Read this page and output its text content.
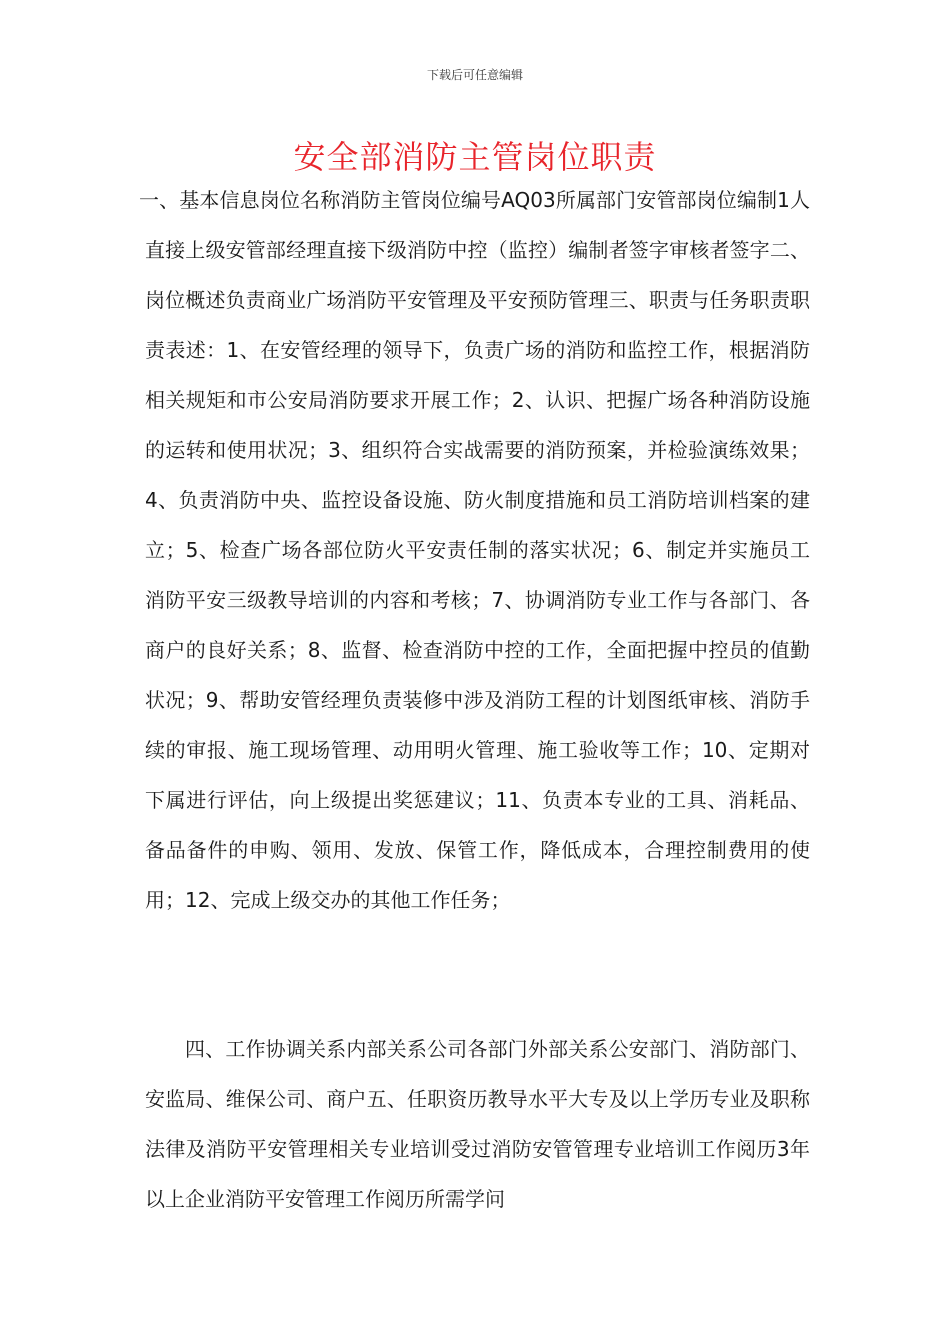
下载后可任意编辑
安全部消防主管岗位职责
一、基本信息岗位名称消防主管岗位编号AQ03所属部门安管部岗位编制1人直接上级安管部经理直接下级消防中控（监控）编制者签字审核者签字二、岗位概述负责商业广场消防平安管理及平安预防管理三、职责与任务职责职责表述：1、在安管经理的领导下，负责广场的消防和监控工作，根据消防相关规矩和市公安局消防要求开展工作；2、认识、把握广场各种消防设施的运转和使用状况；3、组织符合实战需要的消防预案，并检验演练效果；4、负责消防中央、监控设备设施、防火制度措施和员工消防培训档案的建立；5、检查广场各部位防火平安责任制的落实状况；6、制定并实施员工消防平安三级教导培训的内容和考核；7、协调消防专业工作与各部门、各商户的良好关系；8、监督、检查消防中控的工作，全面把握中控员的值勤状况；9、帮助安管经理负责装修中涉及消防工程的计划图纸审核、消防手续的审报、施工现场管理、动用明火管理、施工验收等工作；10、定期对下属进行评估，向上级提出奖惩建议；11、负责本专业的工具、消耗品、备品备件的申购、领用、发放、保管工作，降低成本，合理控制费用的使用；12、完成上级交办的其他工作任务；
四、工作协调关系内部关系公司各部门外部关系公安部门、消防部门、安监局、维保公司、商户五、任职资历教导水平大专及以上学历专业及职称法律及消防平安管理相关专业培训受过消防安管管理专业培训工作阅历3年以上企业消防平安管理工作阅历所需学问
